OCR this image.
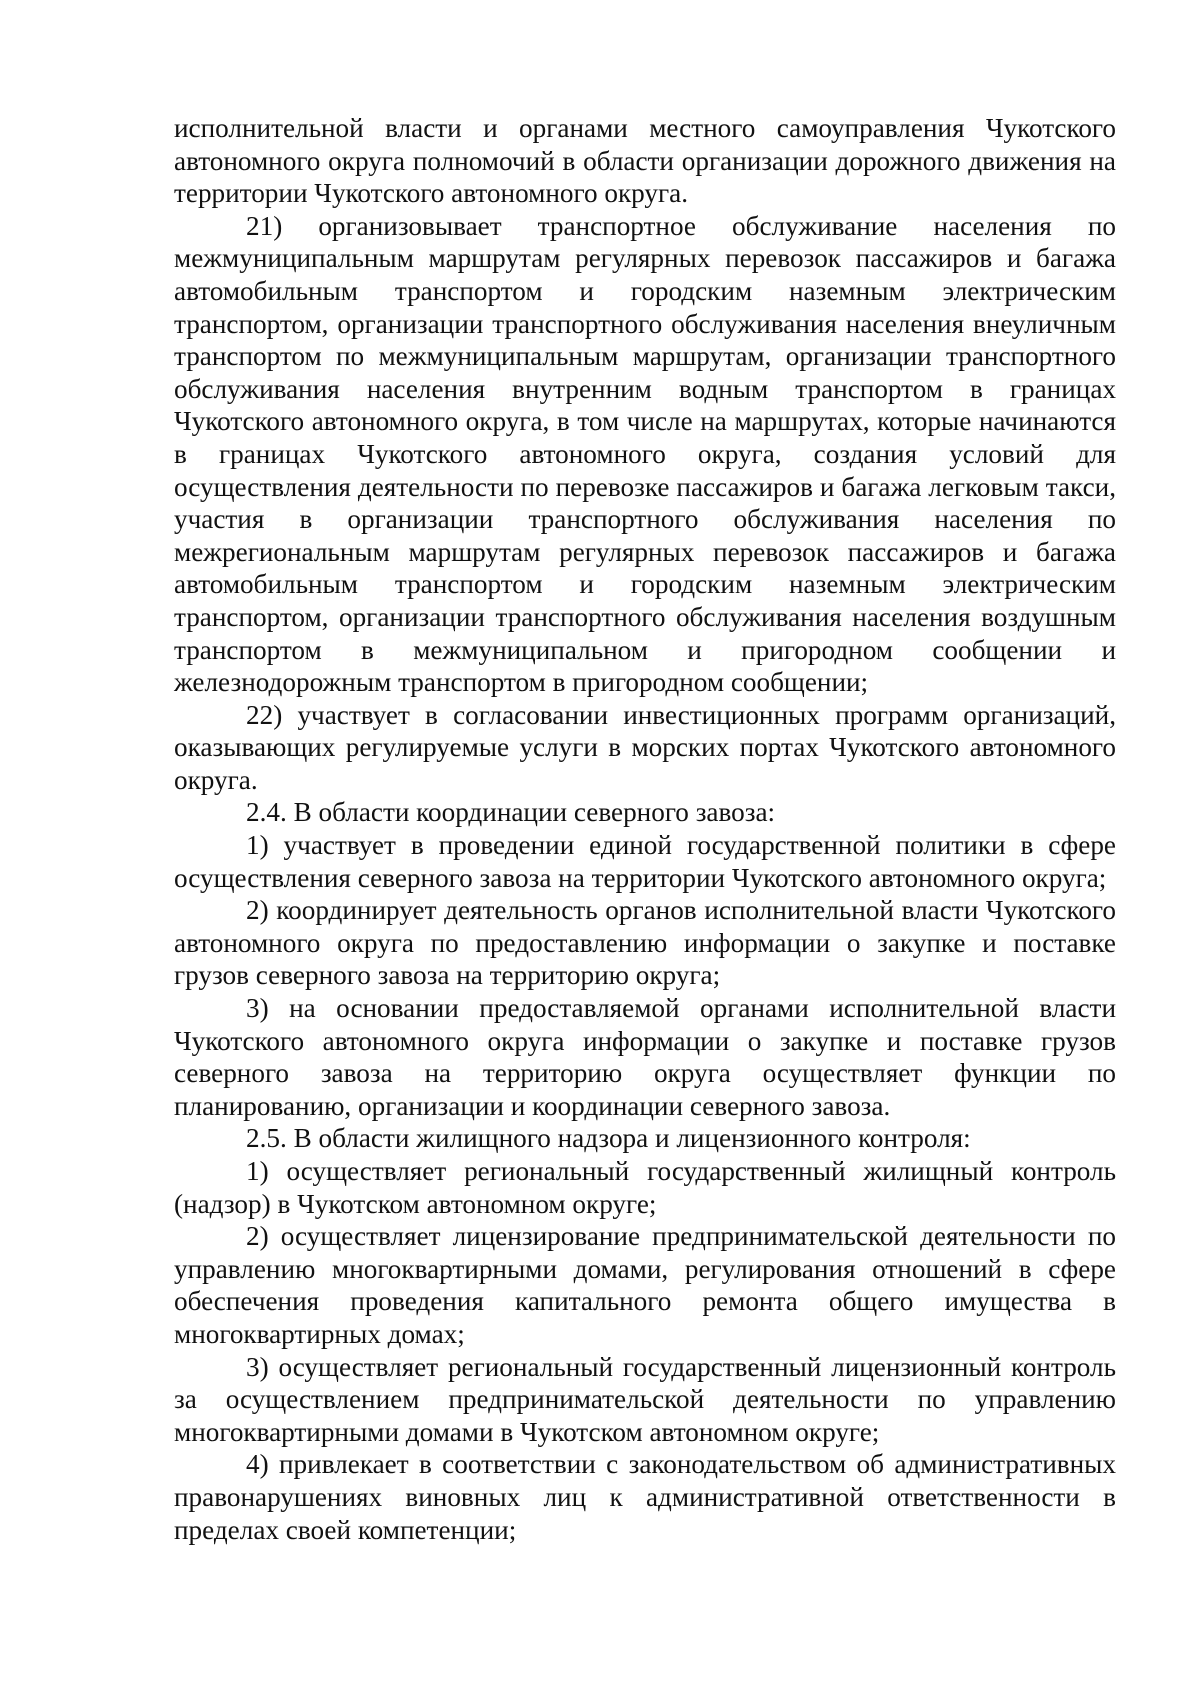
исполнительной власти и органами местного самоуправления Чукотского автономного округа полномочий в области организации дорожного движения на территории Чукотского автономного округа.

21) организовывает транспортное обслуживание населения по межмуниципальным маршрутам регулярных перевозок пассажиров и багажа автомобильным транспортом и городским наземным электрическим транспортом, организации транспортного обслуживания населения внеуличным транспортом по межмуниципальным маршрутам, организации транспортного обслуживания населения внутренним водным транспортом в границах Чукотского автономного округа, в том числе на маршрутах, которые начинаются в границах Чукотского автономного округа, создания условий для осуществления деятельности по перевозке пассажиров и багажа легковым такси, участия в организации транспортного обслуживания населения по межрегиональным маршрутам регулярных перевозок пассажиров и багажа автомобильным транспортом и городским наземным электрическим транспортом, организации транспортного обслуживания населения воздушным транспортом в межмуниципальном и пригородном сообщении и железнодорожным транспортом в пригородном сообщении;

22) участвует в согласовании инвестиционных программ организаций, оказывающих регулируемые услуги в морских портах Чукотского автономного округа.

2.4. В области координации северного завоза:

1) участвует в проведении единой государственной политики в сфере осуществления северного завоза на территории Чукотского автономного округа;

2) координирует деятельность органов исполнительной власти Чукотского автономного округа по предоставлению информации о закупке и поставке грузов северного завоза на территорию округа;

3) на основании предоставляемой органами исполнительной власти Чукотского автономного округа информации о закупке и поставке грузов северного завоза на территорию округа осуществляет функции по планированию, организации и координации северного завоза.

2.5. В области жилищного надзора и лицензионного контроля:

1) осуществляет региональный государственный жилищный контроль (надзор) в Чукотском автономном округе;

2) осуществляет лицензирование предпринимательской деятельности по управлению многоквартирными домами, регулирования отношений в сфере обеспечения проведения капитального ремонта общего имущества в многоквартирных домах;

3) осуществляет региональный государственный лицензионный контроль за осуществлением предпринимательской деятельности по управлению многоквартирными домами в Чукотском автономном округе;

4) привлекает в соответствии с законодательством об административных правонарушениях виновных лиц к административной ответственности в пределах своей компетенции;
